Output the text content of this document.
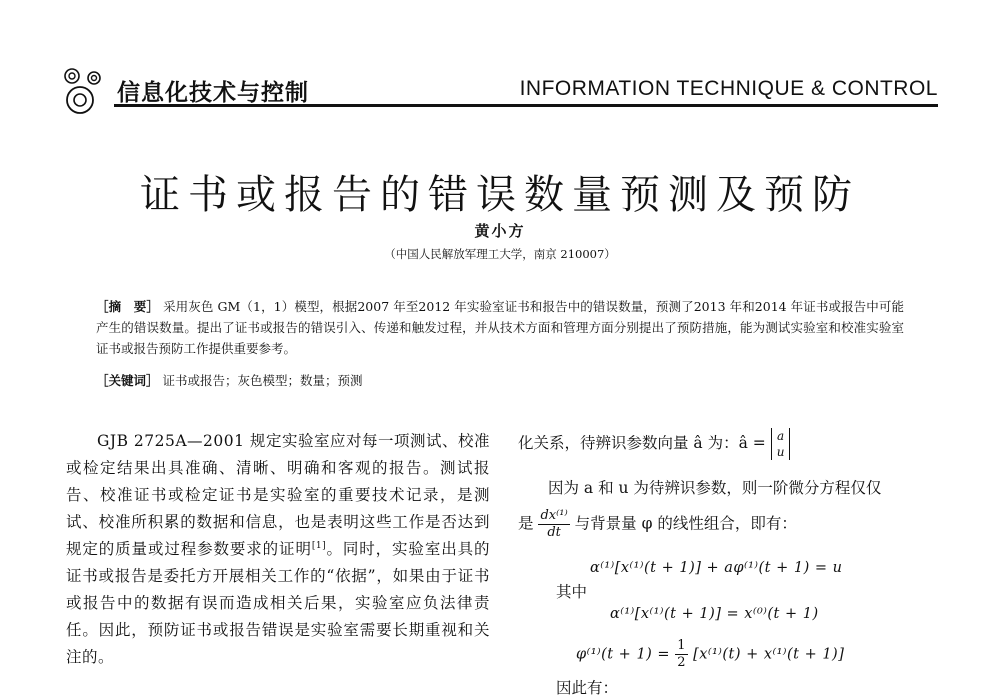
信息化技术与控制	INFORMATION TECHNIQUE & CONTROL
证书或报告的错误数量预测及预防
黄小方
（中国人民解放军理工大学，南京 210007）
［摘　要］ 采用灰色 GM（1，1）模型，根据2007 年至2012 年实验室证书和报告中的错误数量，预测了2013 年和2014 年证书或报告中可能产生的错误数量。提出了证书或报告的错误引入、传递和触发过程，并从技术方面和管理方面分别提出了预防措施，能为测试实验室和校准实验室证书或报告预防工作提供重要参考。
［关键词］ 证书或报告；灰色模型；数量；预测
GJB 2725A—2001 规定实验室应对每一项测试、校准或检定结果出具准确、清晰、明确和客观的报告。测试报告、校准证书或检定证书是实验室的重要技术记录，是测试、校准所积累的数据和信息，也是表明这些工作是否达到规定的质量或过程参数要求的证明[1]。同时，实验室出具的证书或报告是委托方开展相关工作的“依据”，如果由于证书或报告中的数据有误而造成相关后果，实验室应负法律责任。因此，预防证书或报告错误是实验室需要长期重视和关注的。
化关系，待辨识参数向量 â 为：â = a
u
因为 a 和 u 为待辨识参数，则一阶微分方程仅仅
是 $\frac{\text{dx⁽¹⁾}}{dt}$ 与背景量 φ 的线性组合，即有：
α⁽¹⁾[x⁽¹⁾(t + 1)] + aφ⁽¹⁾(t + 1) = u
其中
α⁽¹⁾[x⁽¹⁾(t + 1)] = x⁽⁰⁾(t + 1)
$\varphi^{(1)}(t + 1) = \frac{1}{2} [x^{(1)}(t) + x^{(1)}(t + 1)]$
因此有：
